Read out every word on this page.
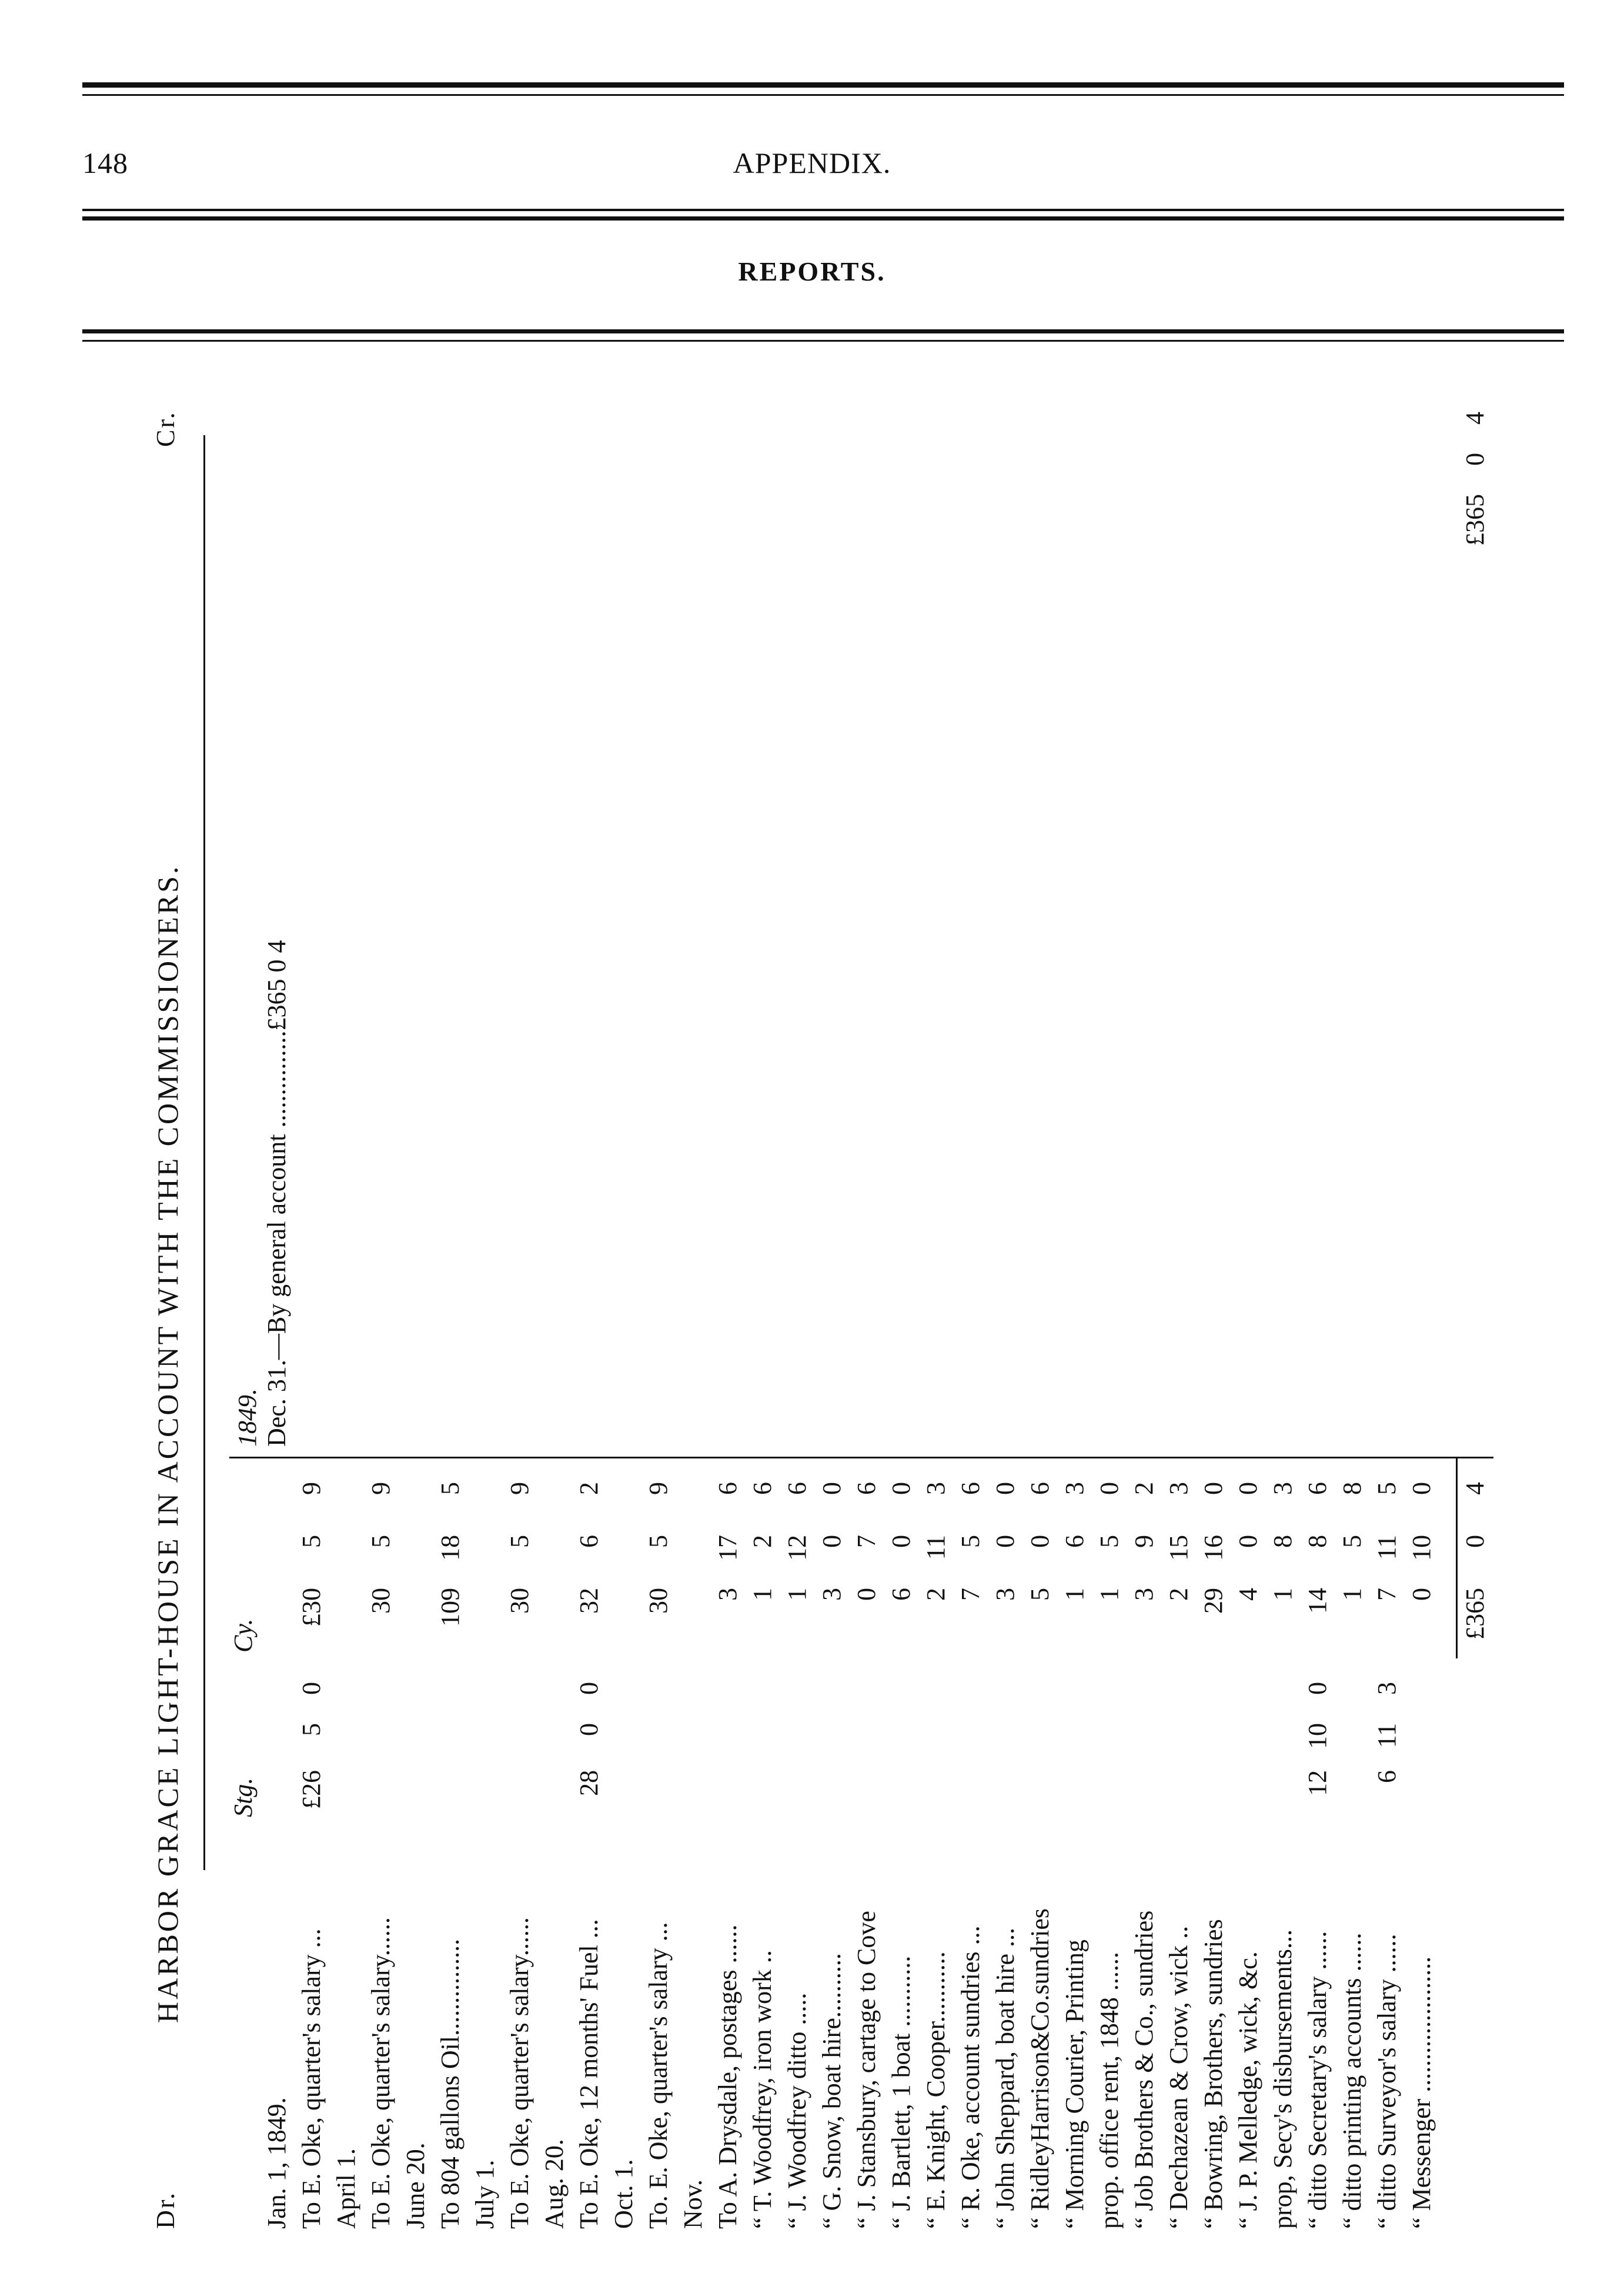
148	APPENDIX.
REPORTS.
Dr.
HARBOR GRACE LIGHT-HOUSE IN ACCOUNT WITH THE COMMISSIONERS.
Cr.
Stg.
Cy.
Jan. 1, 1849. To E. Oke, quarter's salary ...
£26
5
0
£30
5
9
April 1. To E. Oke, quarter's salary......
30
5
9
June 20. To 804 gallons Oil...............
109
18
5
July 1. To E. Oke, quarter's salary......
30
5
9
Aug. 20. To E. Oke, 12 months' Fuel ...
28
0
0
32
6
2
Oct. 1. To. E. Oke, quarter's salary ...
30
5
9
Nov. To A. Drysdale, postages ......
3
17
6
“ T. Woodfrey, iron work ..
1
2
6
“ J. Woodfrey ditto .....
1
12
6
“ G. Snow, boat hire..........
3
0
0
“ J. Stansbury, cartage to Cove
0
7
6
“ J. Bartlett, 1 boat ...........
6
0
0
“ E. Knight, Cooper...........
2
11
3
“ R. Oke, account sundries ...
7
5
6
“ John Sheppard, boat hire ...
3
0
0
“ RidleyHarrison&Co.sundries
5
0
6
“ Morning Courier, Printing
1
6
3
prop. office rent, 1848 ......
1
5
0
“ Job Brothers & Co., sundries
3
9
2
“ Dechazean & Crow, wick ..
2
15
3
“ Bowring, Brothers, sundries
29
16
0
“ J. P. Melledge, wick, &c.
4
0
0
prop, Secy's disbursements...
1
8
3
“ ditto Secretary's salary ......
12
10
0
14
8
6
“ ditto printing accounts ......
1
5
8
“ ditto Surveyor's salary ......
6
11
3
7
11
5
“ Messenger .....................
0
10
0
£365
0
4
1849. Dec. 31.—By general account ...............£365 0 4
£365
0
4
